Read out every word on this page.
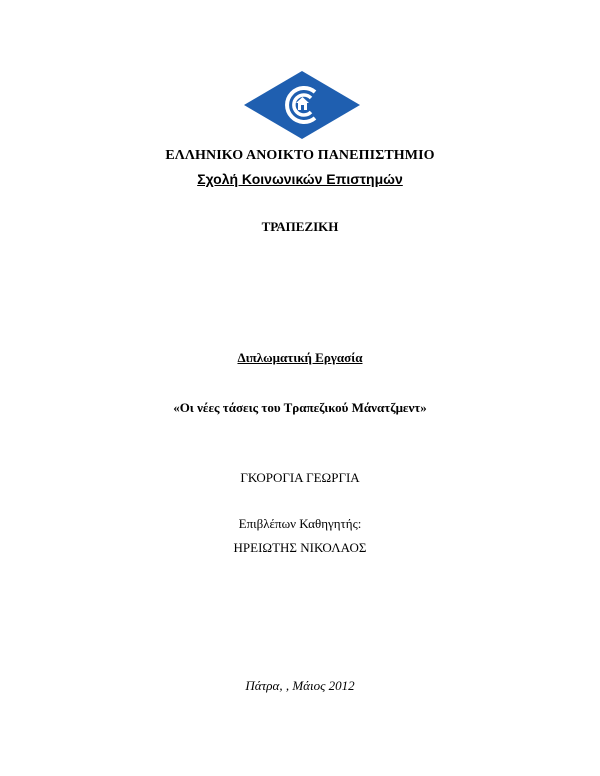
ΕΛΛΗΝΙΚΟ ΑΝΟΙΚΤΟ ΠΑΝΕΠΙΣΤΗΜΙΟ
Σχολή Κοινωνικών Επιστημών
ΤΡΑΠΕΖΙΚΗ
Διπλωματική Εργασία
«Οι νέες τάσεις του Τραπεζικού Μάνατζμεντ»
ΓΚΟΡΟΓΙΑ ΓΕΩΡΓΙΑ
Επιβλέπων Καθηγητής:
ΗΡΕΙΩΤΗΣ ΝΙΚΟΛΑΟΣ
Πάτρα, , Μάιος 2012
